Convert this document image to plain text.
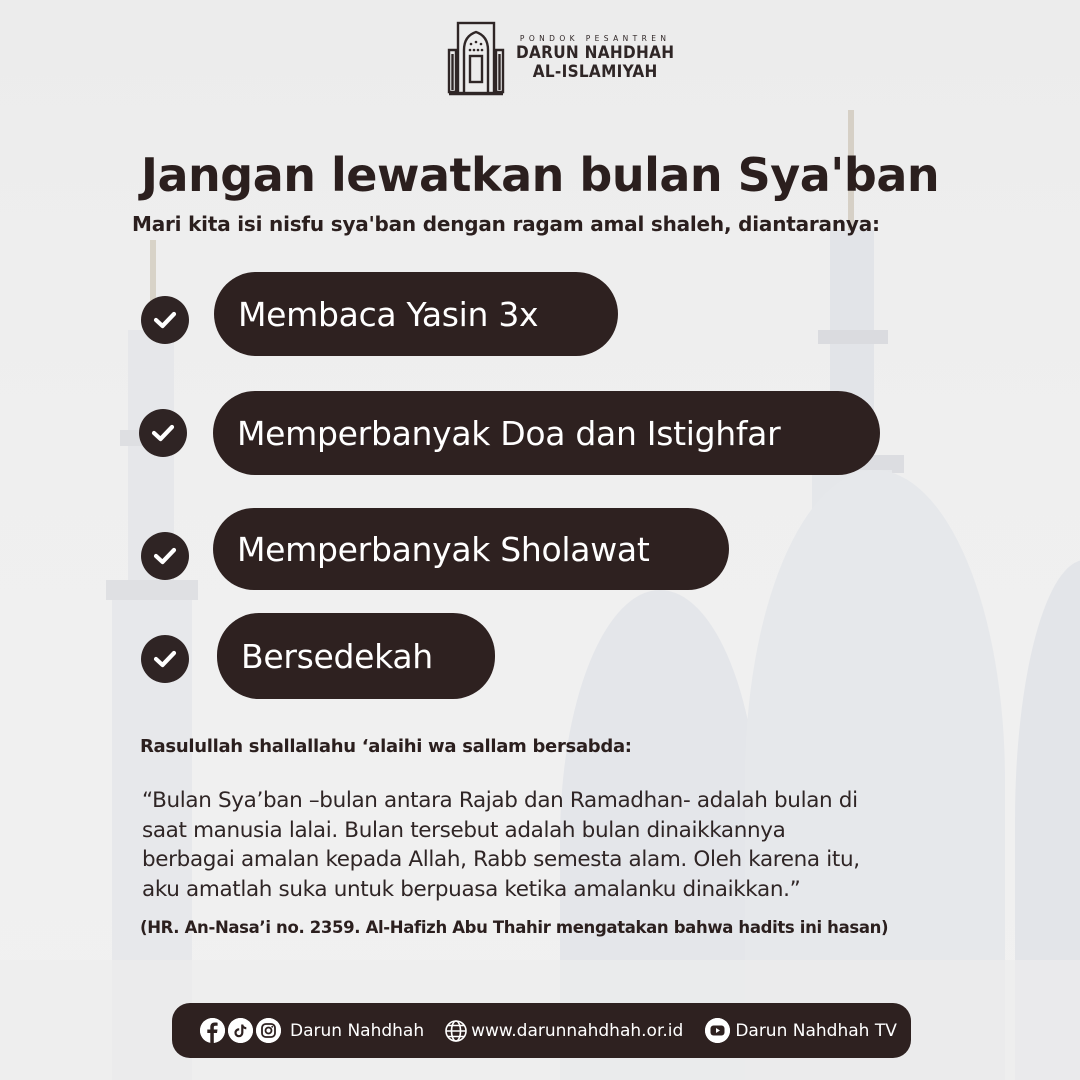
PONDOK PESANTREN
DARUN NAHDHAH
AL-ISLAMIYAH
Jangan lewatkan bulan Sya'ban

Mari kita isi nisfu sya'ban dengan ragam amal shaleh, diantaranya:

Membaca Yasin 3x
Memperbanyak Doa dan Istighfar
Memperbanyak Sholawat
Bersedekah

Rasulullah shallallahu ‘alaihi wa sallam bersabda:

“Bulan Sya’ban –bulan antara Rajab dan Ramadhan- adalah bulan di
saat manusia lalai. Bulan tersebut adalah bulan dinaikkannya
berbagai amalan kepada Allah, Rabb semesta alam. Oleh karena itu,
aku amatlah suka untuk berpuasa ketika amalanku dinaikkan.”

(HR. An-Nasa’i no. 2359. Al-Hafizh Abu Thahir mengatakan bahwa hadits ini hasan)

Darun Nahdhah	www.darunnahdhah.or.id	Darun Nahdhah TV
